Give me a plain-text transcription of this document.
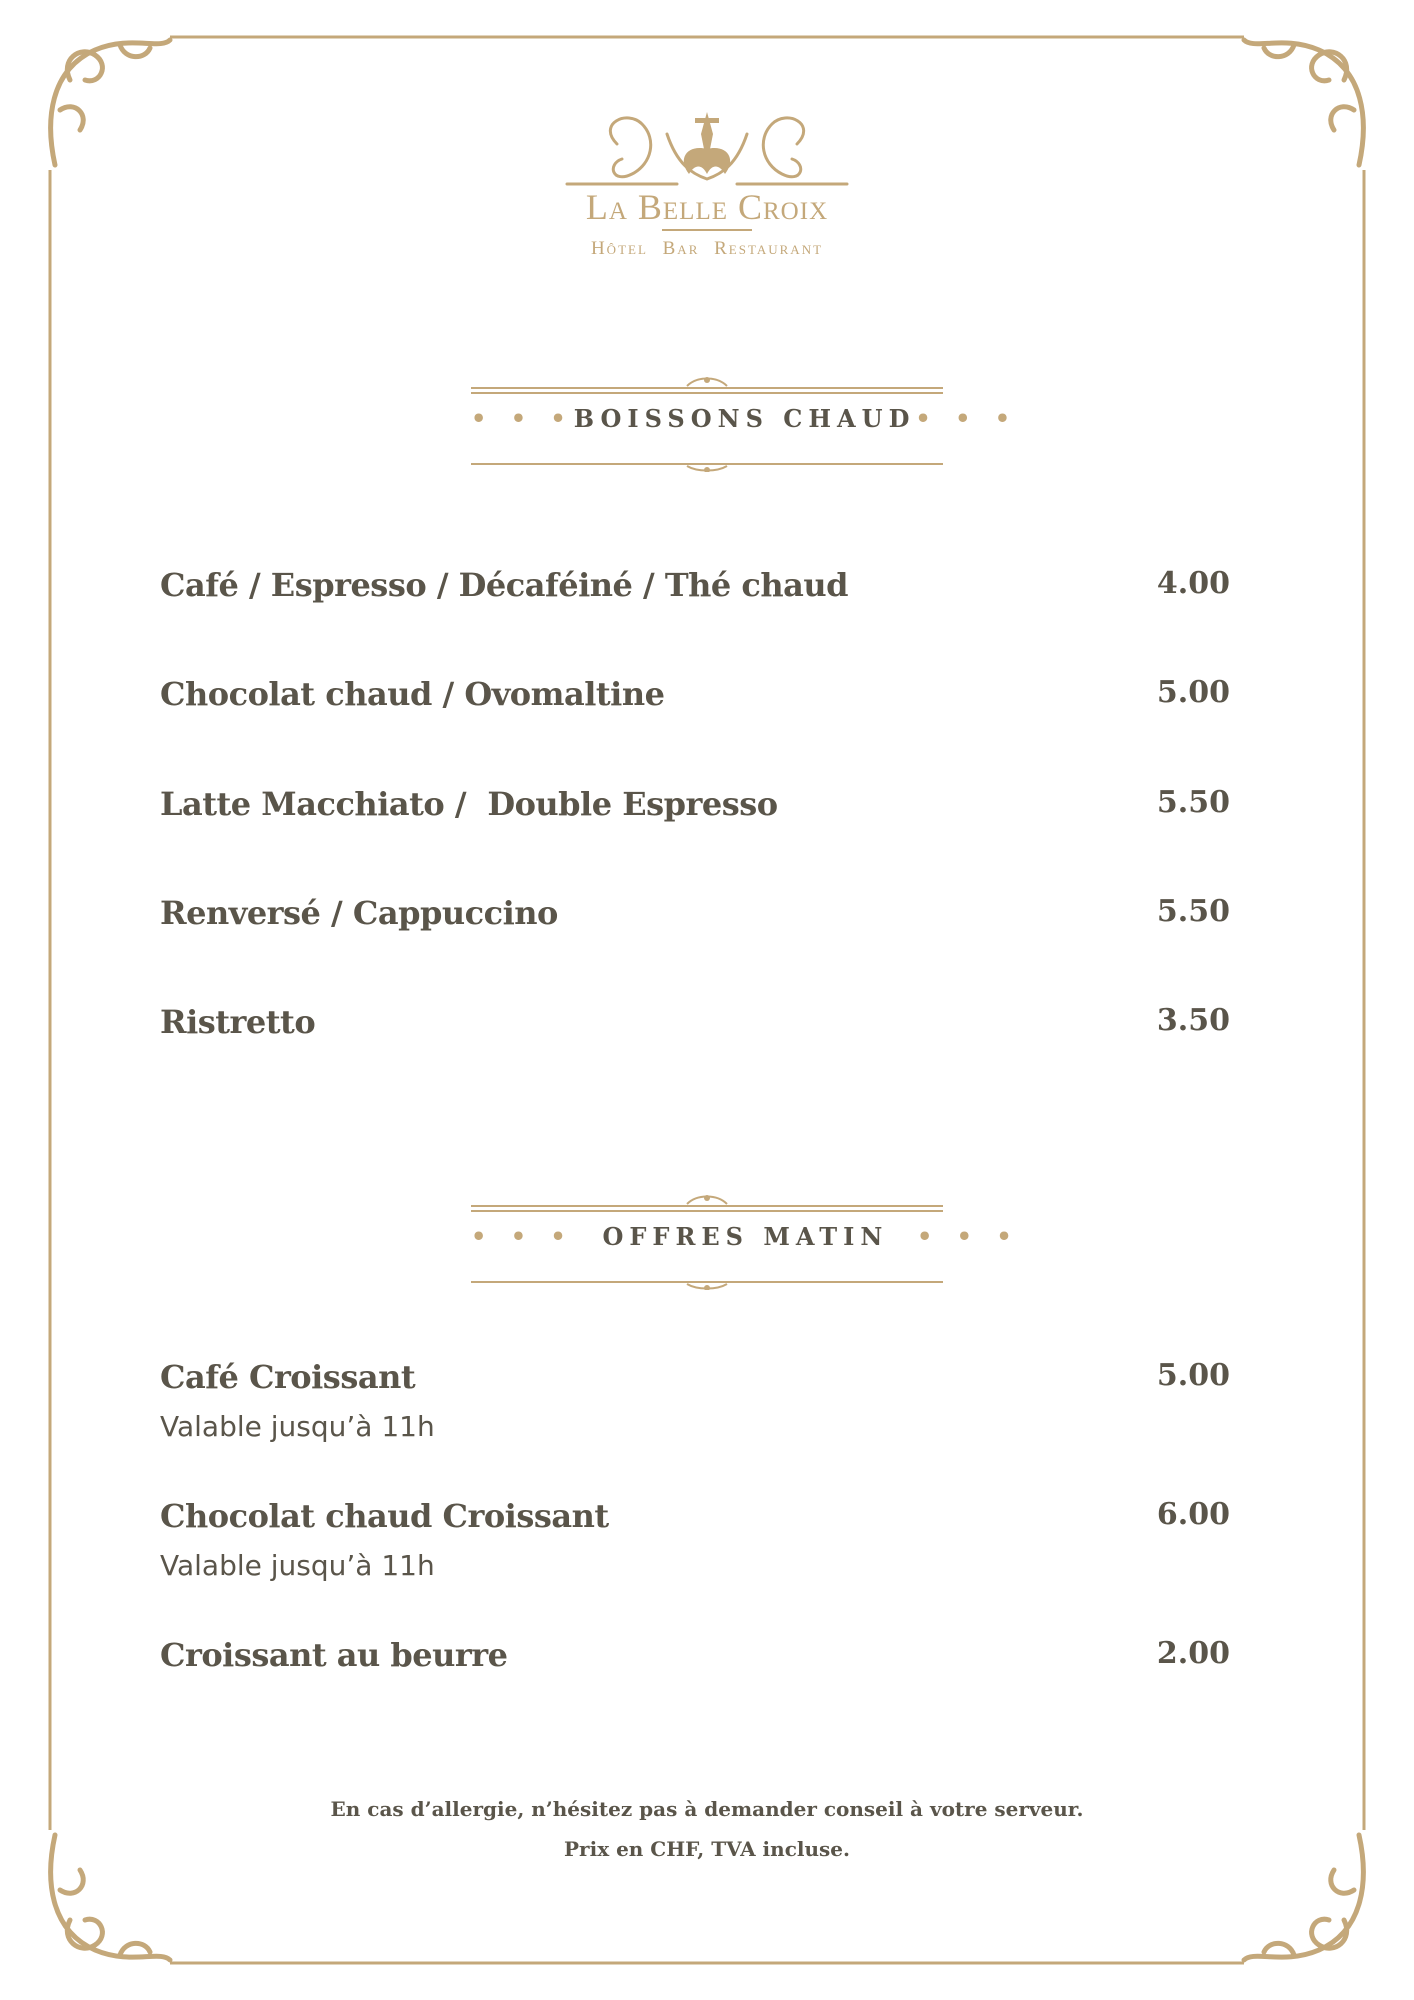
La Belle Croix
Hôtel Bar Restaurant
• • •BOISSONS CHAUD• • •
Café / Espresso / Décaféiné / Thé chaud	4.00
Chocolat chaud / Ovomaltine	5.00
Latte Macchiato /  Double Espresso	5.50
Renversé / Cappuccino	5.50
Ristretto	3.50
• • • OFFRES MATIN • • •
Café Croissant	5.00
Valable jusqu’à 11h
Chocolat chaud Croissant	6.00
Valable jusqu’à 11h
Croissant au beurre	2.00
En cas d’allergie, n’hésitez pas à demander conseil à votre serveur.
Prix en CHF, TVA incluse.
